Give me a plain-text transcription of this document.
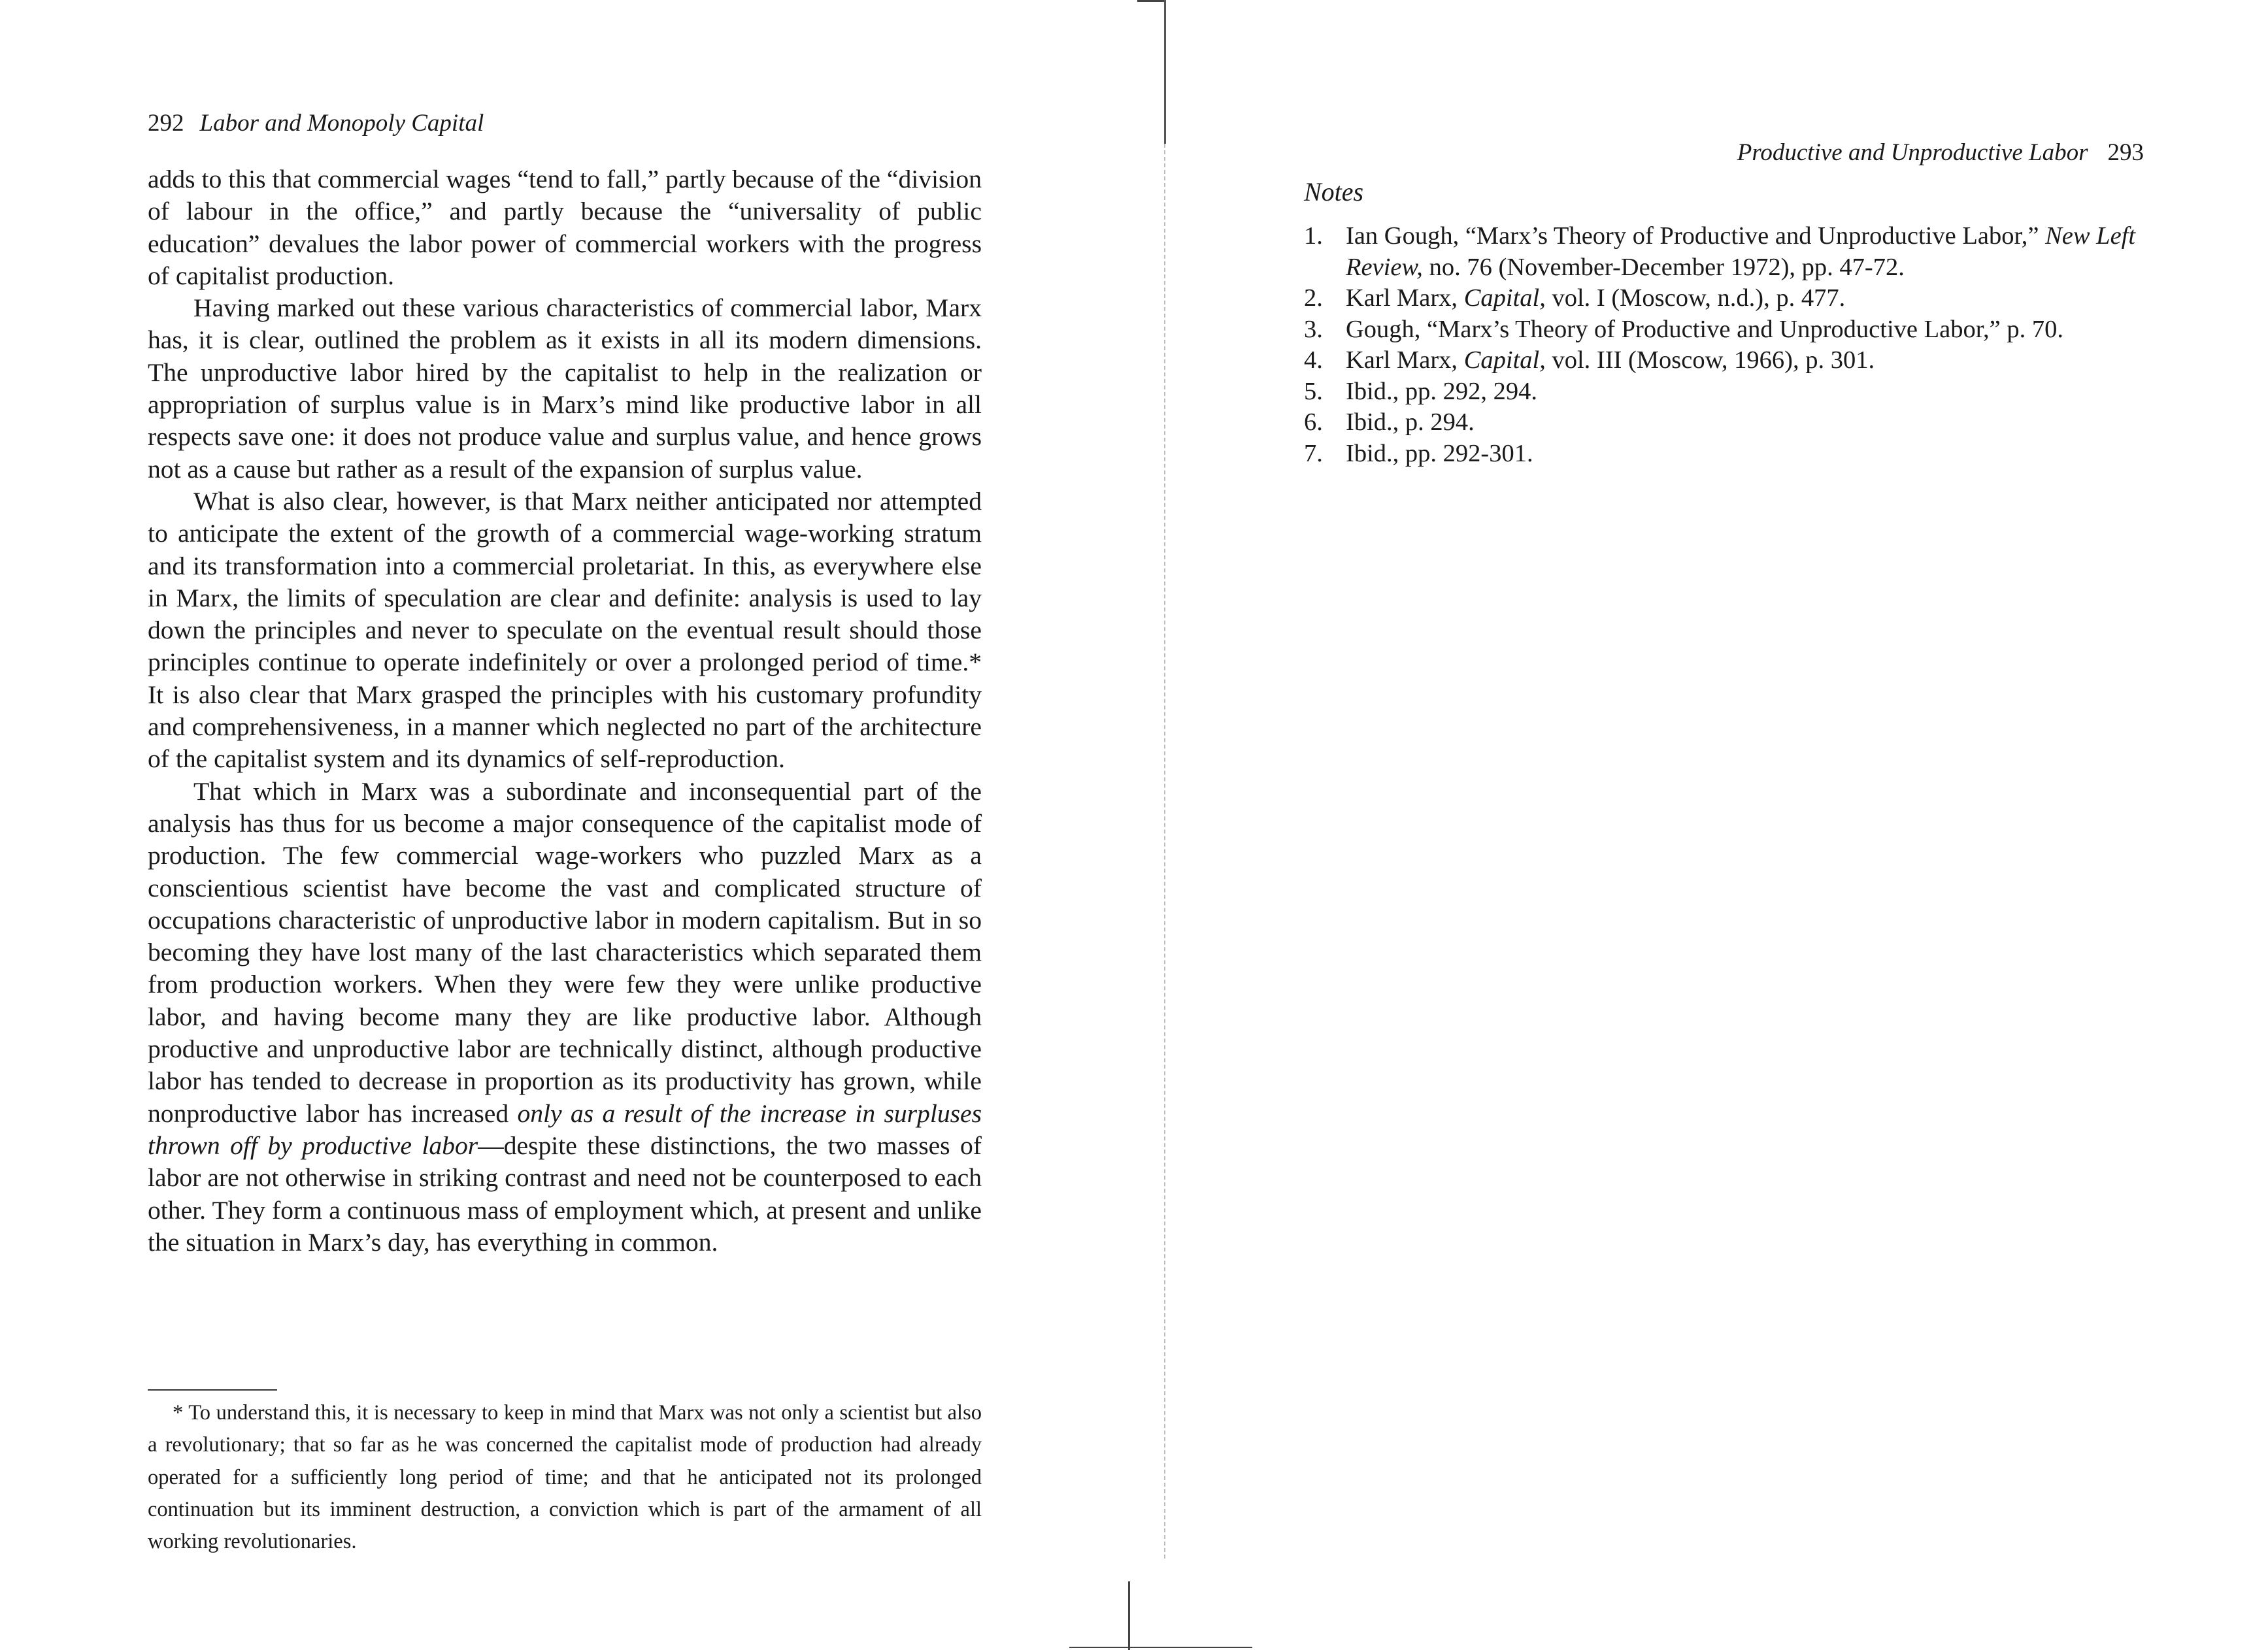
292 Labor and Monopoly Capital

adds to this that commercial wages “tend to fall,” partly because of the “division of labour in the office,” and partly because the “universality of public education” devalues the labor power of commercial workers with the progress of capitalist production.

Having marked out these various characteristics of commercial labor, Marx has, it is clear, outlined the problem as it exists in all its modern dimensions. The unproductive labor hired by the capitalist to help in the realization or appropriation of surplus value is in Marx’s mind like productive labor in all respects save one: it does not produce value and surplus value, and hence grows not as a cause but rather as a result of the expansion of surplus value.

What is also clear, however, is that Marx neither anticipated nor attempted to anticipate the extent of the growth of a commercial wage-working stratum and its transformation into a commercial proletariat. In this, as everywhere else in Marx, the limits of speculation are clear and definite: analysis is used to lay down the principles and never to speculate on the eventual result should those principles continue to operate indefinitely or over a prolonged period of time.* It is also clear that Marx grasped the principles with his customary profundity and comprehensiveness, in a manner which neglected no part of the architecture of the capitalist system and its dynamics of self-reproduction.

That which in Marx was a subordinate and inconsequential part of the analysis has thus for us become a major consequence of the capitalist mode of production. The few commercial wage-workers who puzzled Marx as a conscientious scientist have become the vast and complicated structure of occupations characteristic of unproductive labor in modern capitalism. But in so becoming they have lost many of the last characteristics which separated them from production workers. When they were few they were unlike productive labor, and having become many they are like productive labor. Although productive and unproductive labor are technically distinct, although productive labor has tended to decrease in proportion as its productivity has grown, while nonproductive labor has increased only as a result of the increase in surpluses thrown off by productive labor—despite these distinctions, the two masses of labor are not otherwise in striking contrast and need not be counterposed to each other. They form a continuous mass of employment which, at present and unlike the situation in Marx’s day, has everything in common.

* To understand this, it is necessary to keep in mind that Marx was not only a scientist but also a revolutionary; that so far as he was concerned the capitalist mode of production had already operated for a sufficiently long period of time; and that he anticipated not its prolonged continuation but its imminent destruction, a conviction which is part of the armament of all working revolutionaries.
Productive and Unproductive Labor 293
Notes
1. Ian Gough, “Marx’s Theory of Productive and Unproductive Labor,” New Left Review, no. 76 (November-December 1972), pp. 47-72.
2. Karl Marx, Capital, vol. I (Moscow, n.d.), p. 477.
3. Gough, “Marx’s Theory of Productive and Unproductive Labor,” p. 70.
4. Karl Marx, Capital, vol. III (Moscow, 1966), p. 301.
5. Ibid., pp. 292, 294.
6. Ibid., p. 294.
7. Ibid., pp. 292-301.
